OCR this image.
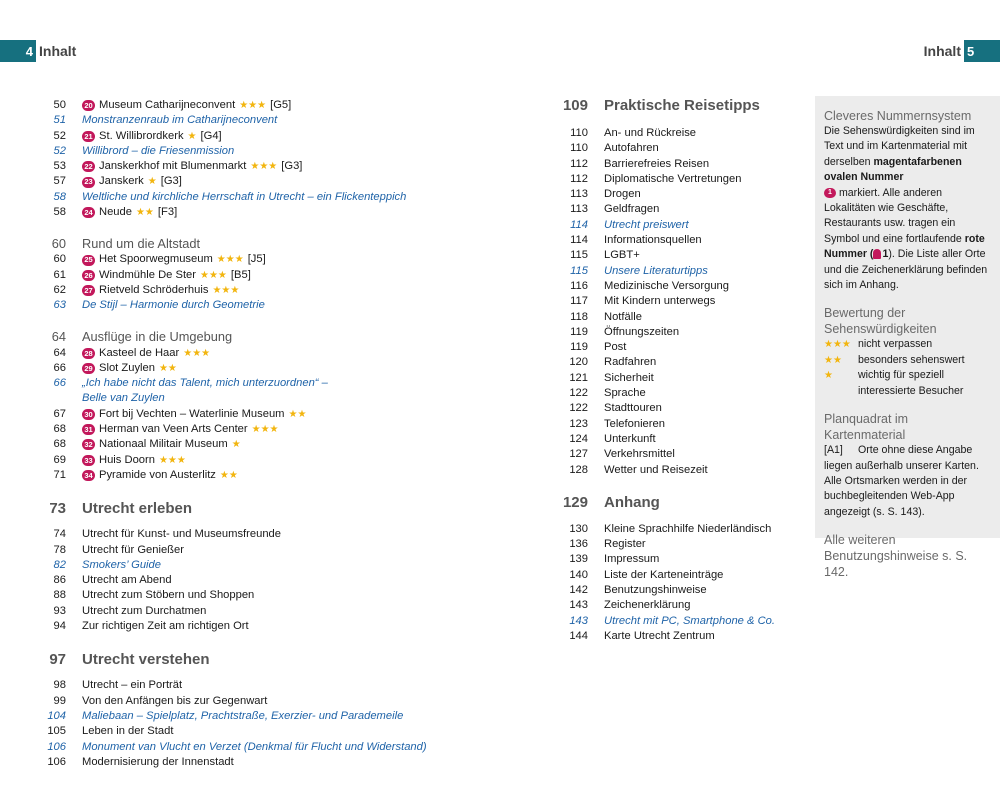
4 Inhalt	Inhalt 5
50	20 Museum Catharijneconvent ★★★ [G5]
51 Monstranzenraub im Catharijneconvent
52	21 St. Willibrordkerk ★ [G4]
52 Willibrord – die Friesenmission
53	22 Janskerkhof mit Blumenmarkt ★★★ [G3]
57	23 Janskerk ★ [G3]
58 Weltliche und kirchliche Herrschaft in Utrecht – ein Flickenteppich
58	24 Neude ★★ [F3]
60	Rund um die Altstadt
60	25 Het Spoorwegmuseum ★★★ [J5]
61	26 Windmühle De Ster ★★★ [B5]
62	27 Rietveld Schröderhuis ★★★
63 De Stijl – Harmonie durch Geometrie
64	Ausflüge in die Umgebung
64	28 Kasteel de Haar ★★★
66	29 Slot Zuylen ★★
66 „Ich habe nicht das Talent, mich unterzuordnen“ –
Belle van Zuylen
67	30 Fort bij Vechten – Waterlinie Museum ★★
68	31 Herman van Veen Arts Center ★★★
68	32 Nationaal Militair Museum ★
69	33 Huis Doorn ★★★
71	34 Pyramide von Austerlitz ★★
73	Utrecht erleben
74 Utrecht für Kunst- und Museumsfreunde
78 Utrecht für Genießer
82 Smokers’ Guide
86 Utrecht am Abend
88 Utrecht zum Stöbern und Shoppen
93 Utrecht zum Durchatmen
94 Zur richtigen Zeit am richtigen Ort
97	Utrecht verstehen
98 Utrecht – ein Porträt
99 Von den Anfängen bis zur Gegenwart
104 Maliebaan – Spielplatz, Prachtstraße, Exerzier- und Parademeile
105 Leben in der Stadt
106 Monument van Vlucht en Verzet (Denkmal für Flucht und Widerstand)
106 Modernisierung der Innenstadt
109	Praktische Reisetipps
110 An- und Rückreise
110 Autofahren
112 Barrierefreies Reisen
112 Diplomatische Vertretungen
113 Drogen
113 Geldfragen
114 Utrecht preiswert
114 Informationsquellen
115 LGBT+
115 Unsere Literaturtipps
116 Medizinische Versorgung
117 Mit Kindern unterwegs
118 Notfälle
119 Öffnungszeiten
119 Post
120 Radfahren
121 Sicherheit
122 Sprache
122 Stadttouren
123 Telefonieren
124 Unterkunft
127 Verkehrsmittel
128 Wetter und Reisezeit
129	Anhang
130 Kleine Sprachhilfe Niederländisch
136 Register
139 Impressum
140 Liste der Karteneinträge
142 Benutzungshinweise
143 Zeichenerklärung
143 Utrecht mit PC, Smartphone & Co.
144 Karte Utrecht Zentrum
Cleveres Nummernsystem
Die Sehenswürdigkeiten sind im Text und im Kartenmaterial mit derselben magentafarbenen ovalen Nummer
1 markiert. Alle anderen Lokalitäten wie Geschäfte, Restaurants usw. tragen ein Symbol und eine fortlaufende rote Nummer ( 1). Die Liste aller Orte und die Zeichenerklärung befinden sich im Anhang.
Bewertung der Sehenswürdigkeiten
★★★ nicht verpassen
★★	besonders sehenswert
★	wichtig für speziell interessierte Besucher
Planquadrat im Kartenmaterial
[A1] Orte ohne diese Angabe liegen außerhalb unserer Karten. Alle Ortsmarken werden in der buchbegleitenden Web-App angezeigt (s. S. 143).
Alle weiteren Benutzungshinweise s. S. 142.
